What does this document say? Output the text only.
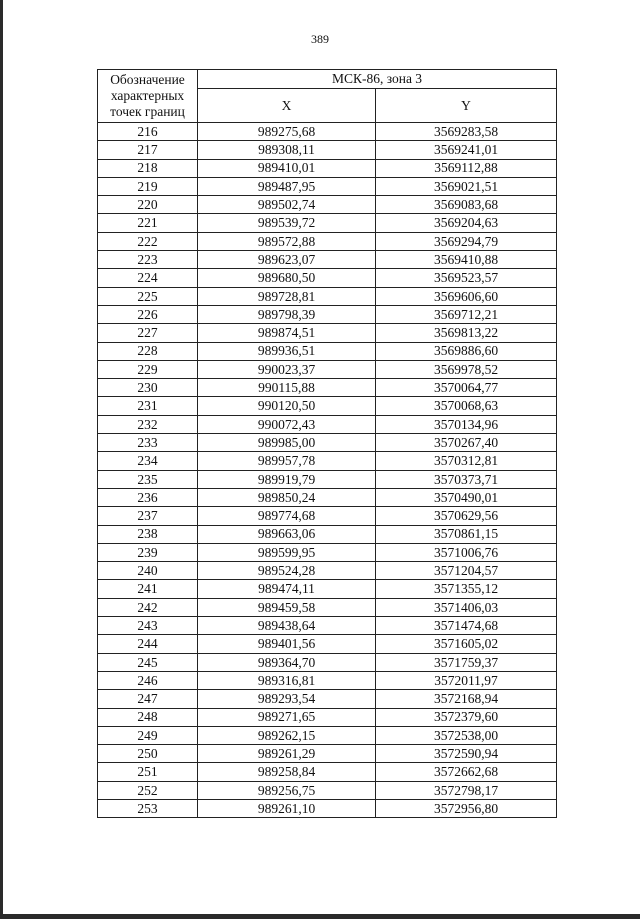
389
Обозначение
характерных
точек границ	МСК-86, зона 3	
	X	Y
216	989275,68	3569283,58
217	989308,11	3569241,01
218	989410,01	3569112,88
219	989487,95	3569021,51
220	989502,74	3569083,68
221	989539,72	3569204,63
222	989572,88	3569294,79
223	989623,07	3569410,88
224	989680,50	3569523,57
225	989728,81	3569606,60
226	989798,39	3569712,21
227	989874,51	3569813,22
228	989936,51	3569886,60
229	990023,37	3569978,52
230	990115,88	3570064,77
231	990120,50	3570068,63
232	990072,43	3570134,96
233	989985,00	3570267,40
234	989957,78	3570312,81
235	989919,79	3570373,71
236	989850,24	3570490,01
237	989774,68	3570629,56
238	989663,06	3570861,15
239	989599,95	3571006,76
240	989524,28	3571204,57
241	989474,11	3571355,12
242	989459,58	3571406,03
243	989438,64	3571474,68
244	989401,56	3571605,02
245	989364,70	3571759,37
246	989316,81	3572011,97
247	989293,54	3572168,94
248	989271,65	3572379,60
249	989262,15	3572538,00
250	989261,29	3572590,94
251	989258,84	3572662,68
252	989256,75	3572798,17
253	989261,10	3572956,80
